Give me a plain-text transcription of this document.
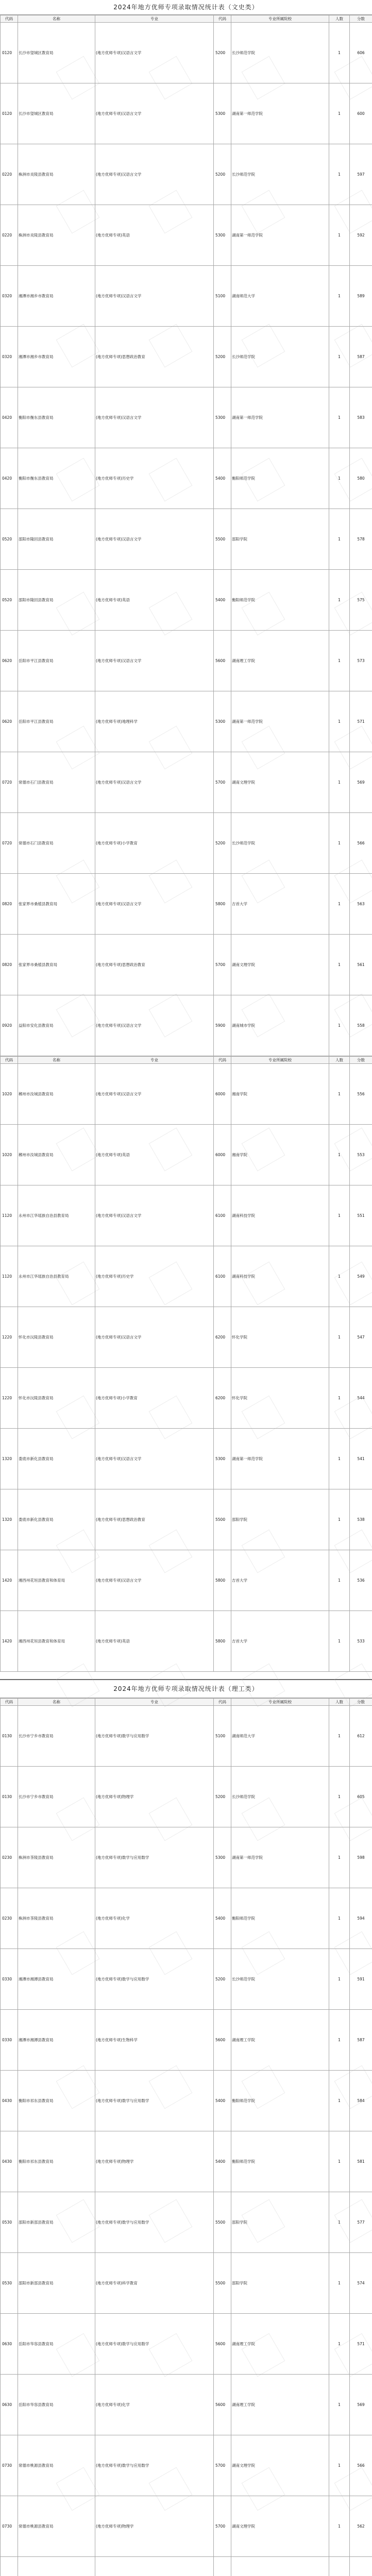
2024年地方优师专项录取情况统计表（文史类）
代码	名称	专业	代码	专业所属院校	人数	分数
0120	长沙市望城区教育局	(地方优师专项)汉语言文学	5200	长沙师范学院	1	606
0120	长沙市望城区教育局	(地方优师专项)汉语言文学	5300	湖南第一师范学院	1	600
0220	株洲市炎陵县教育局	(地方优师专项)汉语言文学	5200	长沙师范学院	1	597
0220	株洲市炎陵县教育局	(地方优师专项)英语	5300	湖南第一师范学院	1	592
0320	湘潭市湘乡市教育局	(地方优师专项)汉语言文学	5100	湖南师范大学	1	589
0320	湘潭市湘乡市教育局	(地方优师专项)思想政治教育	5200	长沙师范学院	1	587
0420	衡阳市衡东县教育局	(地方优师专项)汉语言文学	5300	湖南第一师范学院	1	583
0420	衡阳市衡东县教育局	(地方优师专项)历史学	5400	衡阳师范学院	1	580
0520	邵阳市隆回县教育局	(地方优师专项)汉语言文学	5500	邵阳学院	1	578
0520	邵阳市隆回县教育局	(地方优师专项)英语	5400	衡阳师范学院	1	575
0620	岳阳市平江县教育局	(地方优师专项)汉语言文学	5600	湖南理工学院	1	573
0620	岳阳市平江县教育局	(地方优师专项)地理科学	5300	湖南第一师范学院	1	571
0720	常德市石门县教育局	(地方优师专项)汉语言文学	5700	湖南文理学院	1	569
0720	常德市石门县教育局	(地方优师专项)小学教育	5200	长沙师范学院	1	566
0820	张家界市桑植县教育局	(地方优师专项)汉语言文学	5800	吉首大学	1	563
0820	张家界市桑植县教育局	(地方优师专项)思想政治教育	5700	湖南文理学院	1	561
0920	益阳市安化县教育局	(地方优师专项)汉语言文学	5900	湖南城市学院	1	558
代码	名称	专业	代码	专业所属院校	人数	分数
1020	郴州市汝城县教育局	(地方优师专项)汉语言文学	6000	湘南学院	1	556
1020	郴州市汝城县教育局	(地方优师专项)英语	6000	湘南学院	1	553
1120	永州市江华瑶族自治县教育局	(地方优师专项)汉语言文学	6100	湖南科技学院	1	551
1120	永州市江华瑶族自治县教育局	(地方优师专项)历史学	6100	湖南科技学院	1	549
1220	怀化市沅陵县教育局	(地方优师专项)汉语言文学	6200	怀化学院	1	547
1220	怀化市沅陵县教育局	(地方优师专项)小学教育	6200	怀化学院	1	544
1320	娄底市新化县教育局	(地方优师专项)汉语言文学	5300	湖南第一师范学院	1	541
1320	娄底市新化县教育局	(地方优师专项)思想政治教育	5500	邵阳学院	1	538
1420	湘西州花垣县教育和体育局	(地方优师专项)汉语言文学	5800	吉首大学	1	536
1420	湘西州花垣县教育和体育局	(地方优师专项)英语	5800	吉首大学	1	533
2024年地方优师专项录取情况统计表（理工类）
代码	名称	专业	代码	专业所属院校	人数	分数
0130	长沙市宁乡市教育局	(地方优师专项)数学与应用数学	5100	湖南师范大学	1	612
0130	长沙市宁乡市教育局	(地方优师专项)物理学	5200	长沙师范学院	1	605
0230	株洲市茶陵县教育局	(地方优师专项)数学与应用数学	5300	湖南第一师范学院	1	598
0230	株洲市茶陵县教育局	(地方优师专项)化学	5400	衡阳师范学院	1	594
0330	湘潭市湘潭县教育局	(地方优师专项)数学与应用数学	5200	长沙师范学院	1	591
0330	湘潭市湘潭县教育局	(地方优师专项)生物科学	5600	湖南理工学院	1	587
0430	衡阳市祁东县教育局	(地方优师专项)数学与应用数学	5400	衡阳师范学院	1	584
0430	衡阳市祁东县教育局	(地方优师专项)物理学	5400	衡阳师范学院	1	581
0530	邵阳市新邵县教育局	(地方优师专项)数学与应用数学	5500	邵阳学院	1	577
0530	邵阳市新邵县教育局	(地方优师专项)科学教育	5500	邵阳学院	1	574
0630	岳阳市华容县教育局	(地方优师专项)数学与应用数学	5600	湖南理工学院	1	571
0630	岳阳市华容县教育局	(地方优师专项)化学	5600	湖南理工学院	1	569
0730	常德市桃源县教育局	(地方优师专项)数学与应用数学	5700	湖南文理学院	1	566
0730	常德市桃源县教育局	(地方优师专项)物理学	5700	湖南文理学院	1	562
